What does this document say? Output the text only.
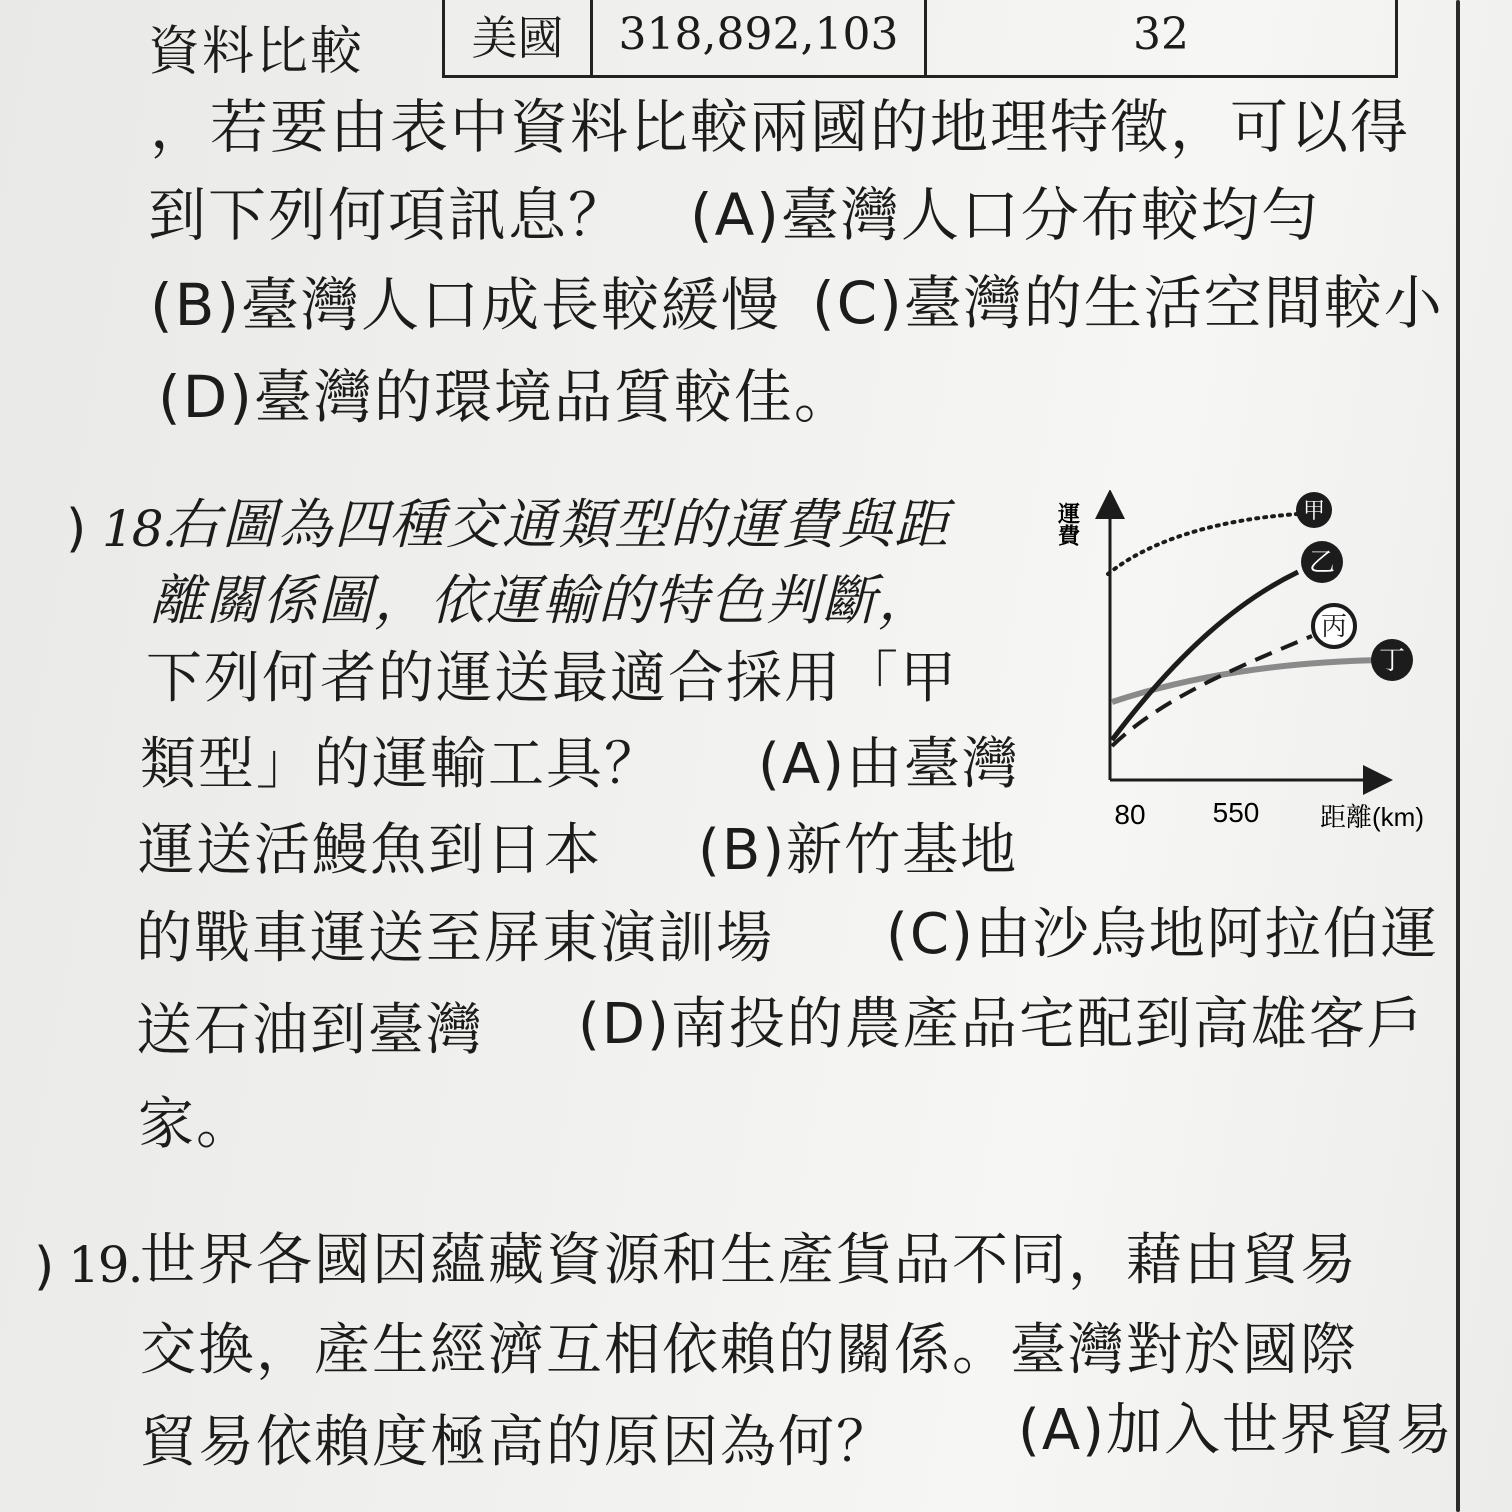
資料比較	美國	318,892,103	32
，若要由表中資料比較兩國的地理特徵，可以得
到下列何項訊息？ (A)臺灣人口分布較均勻
(B)臺灣人口成長較緩慢 (C)臺灣的生活空間較小
(D)臺灣的環境品質較佳。
) 18.
右圖為四種交通類型的運費與距
離關係圖，依運輸的特色判斷，
下列何者的運送最適合採用「甲
類型」的運輸工具？ (A)由臺灣
運送活鰻魚到日本 (B)新竹基地
的戰車運送至屏東演訓場 (C)由沙烏地阿拉伯運
送石油到臺灣 (D)南投的農產品宅配到高雄客戶
家。
運費
80 550 距離(km)
甲
乙
丙
丁
) 19.
世界各國因蘊藏資源和生產貨品不同，藉由貿易
交換，產生經濟互相依賴的關係。臺灣對於國際
貿易依賴度極高的原因為何？ (A)加入世界貿易
